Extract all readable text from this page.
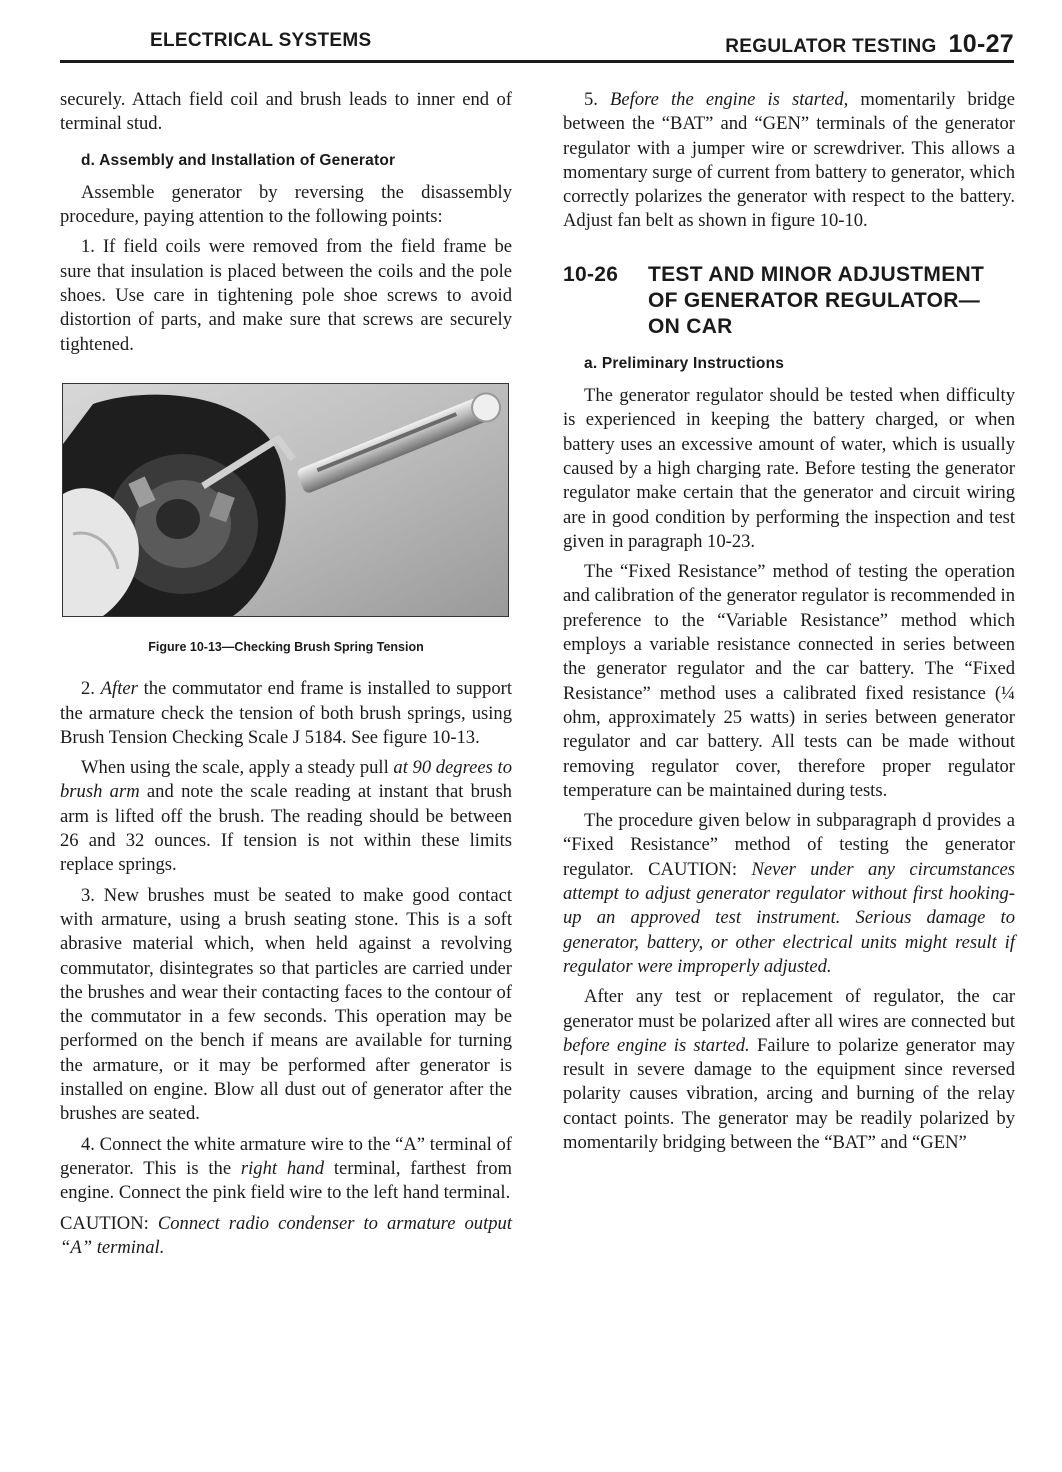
ELECTRICAL SYSTEMS	REGULATOR TESTING 10-27

securely. Attach field coil and brush leads to inner end of terminal stud.

d. Assembly and Installation of Generator

Assemble generator by reversing the disassembly procedure, paying attention to the following points:

1. If field coils were removed from the field frame be sure that insulation is placed between the coils and the pole shoes. Use care in tightening pole shoe screws to avoid distortion of parts, and make sure that screws are securely tightened.

Figure 10-13—Checking Brush Spring Tension

2. After the commutator end frame is installed to support the armature check the tension of both brush springs, using Brush Tension Checking Scale J 5184. See figure 10-13.

When using the scale, apply a steady pull at 90 degrees to brush arm and note the scale reading at instant that brush arm is lifted off the brush. The reading should be between 26 and 32 ounces. If tension is not within these limits replace springs.

3. New brushes must be seated to make good contact with armature, using a brush seating stone. This is a soft abrasive material which, when held against a revolving commutator, disintegrates so that particles are carried under the brushes and wear their contacting faces to the contour of the commutator in a few seconds. This operation may be performed on the bench if means are available for turning the armature, or it may be performed after generator is installed on engine. Blow all dust out of generator after the brushes are seated.

4. Connect the white armature wire to the “A” terminal of generator. This is the right hand terminal, farthest from engine. Connect the pink field wire to the left hand terminal.

CAUTION: Connect radio condenser to armature output “A” terminal.

5. Before the engine is started, momentarily bridge between the “BAT” and “GEN” terminals of the generator regulator with a jumper wire or screwdriver. This allows a momentary surge of current from battery to generator, which correctly polarizes the generator with respect to the battery. Adjust fan belt as shown in figure 10-10.

10-26	TEST AND MINOR ADJUSTMENT OF GENERATOR REGULATOR— ON CAR
a. Preliminary Instructions

The generator regulator should be tested when difficulty is experienced in keeping the battery charged, or when battery uses an excessive amount of water, which is usually caused by a high charging rate. Before testing the generator regulator make certain that the generator and circuit wiring are in good condition by performing the inspection and test given in paragraph 10-23.

The “Fixed Resistance” method of testing the operation and calibration of the generator regulator is recommended in preference to the “Variable Resistance” method which employs a variable resistance connected in series between the generator regulator and the car battery. The “Fixed Resistance” method uses a calibrated fixed resistance (¼ ohm, approximately 25 watts) in series between generator regulator and car battery. All tests can be made without removing regulator cover, therefore proper regulator temperature can be maintained during tests.

The procedure given below in subparagraph d provides a “Fixed Resistance” method of testing the generator regulator. CAUTION: Never under any circumstances attempt to adjust generator regulator without first hooking-up an approved test instrument. Serious damage to generator, battery, or other electrical units might result if regulator were improperly adjusted.

After any test or replacement of regulator, the car generator must be polarized after all wires are connected but before engine is started. Failure to polarize generator may result in severe damage to the equipment since reversed polarity causes vibration, arcing and burning of the relay contact points. The generator may be readily polarized by momentarily bridging between the “BAT” and “GEN”
